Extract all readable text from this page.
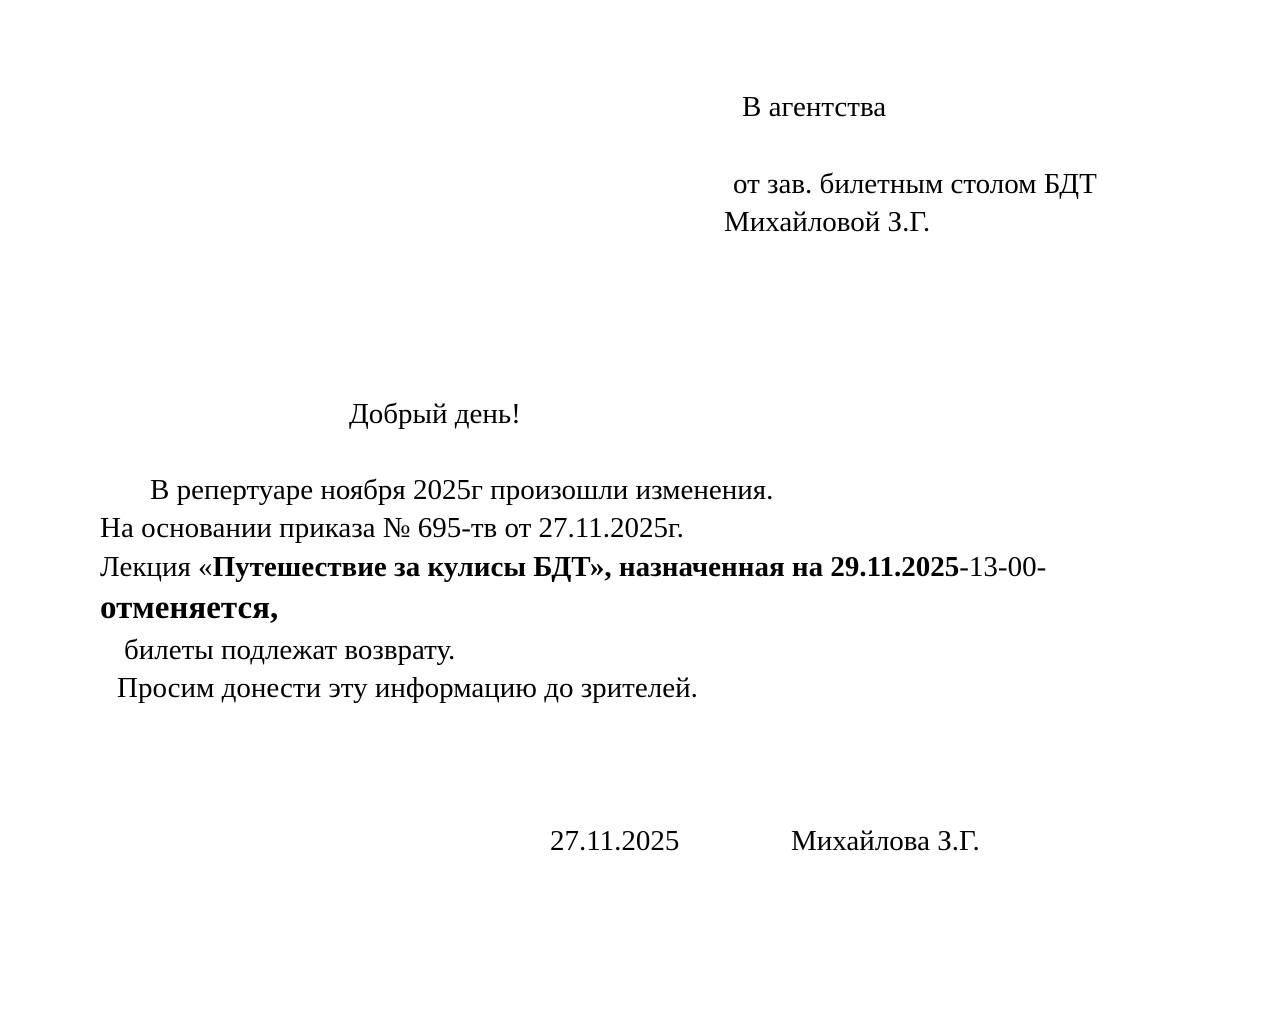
В агентства
от зав. билетным столом БДТ
Михайловой З.Г.
Добрый день!
В репертуаре ноября 2025г произошли изменения.
На основании приказа № 695-тв от 27.11.2025г.
Лекция «Путешествие за кулисы БДТ», назначенная на 29.11.2025-13-00-
отменяется,
билеты подлежат возврату.
Просим донести эту информацию до зрителей.
27.11.2025	Михайлова З.Г.
